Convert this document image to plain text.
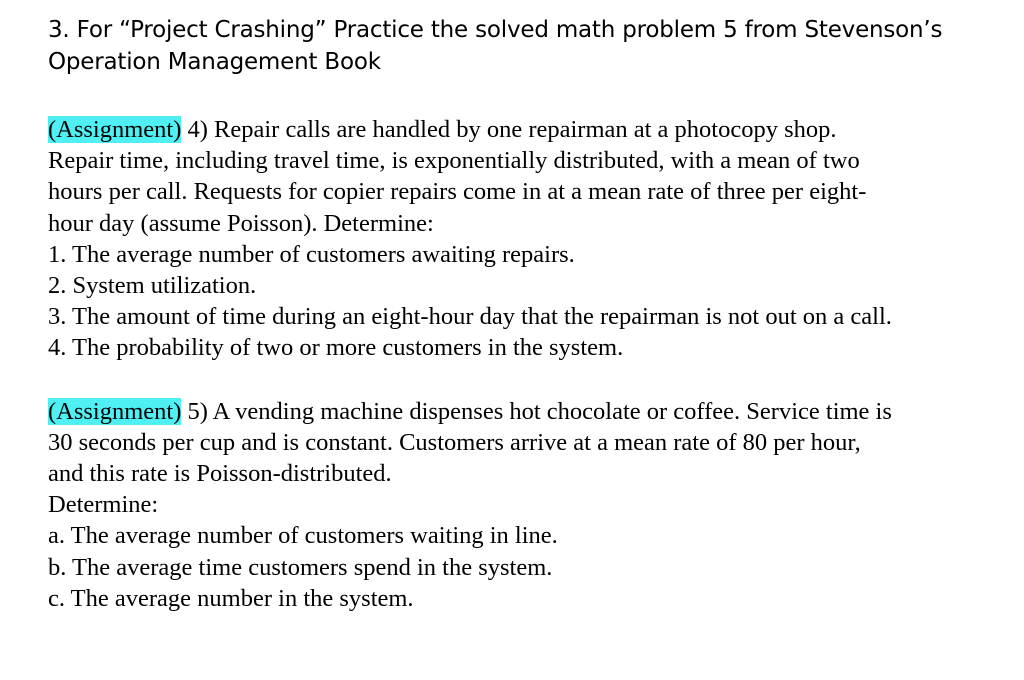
3. For “Project Crashing” Practice the solved math problem 5 from Stevenson’s
Operation Management Book
(Assignment) 4) Repair calls are handled by one repairman at a photocopy shop.
Repair time, including travel time, is exponentially distributed, with a mean of two
hours per call. Requests for copier repairs come in at a mean rate of three per eight-
hour day (assume Poisson). Determine:
1. The average number of customers awaiting repairs.
2. System utilization.
3. The amount of time during an eight-hour day that the repairman is not out on a call.
4. The probability of two or more customers in the system.
(Assignment) 5) A vending machine dispenses hot chocolate or coffee. Service time is
30 seconds per cup and is constant. Customers arrive at a mean rate of 80 per hour,
and this rate is Poisson-distributed.
Determine:
a. The average number of customers waiting in line.
b. The average time customers spend in the system.
c. The average number in the system.
